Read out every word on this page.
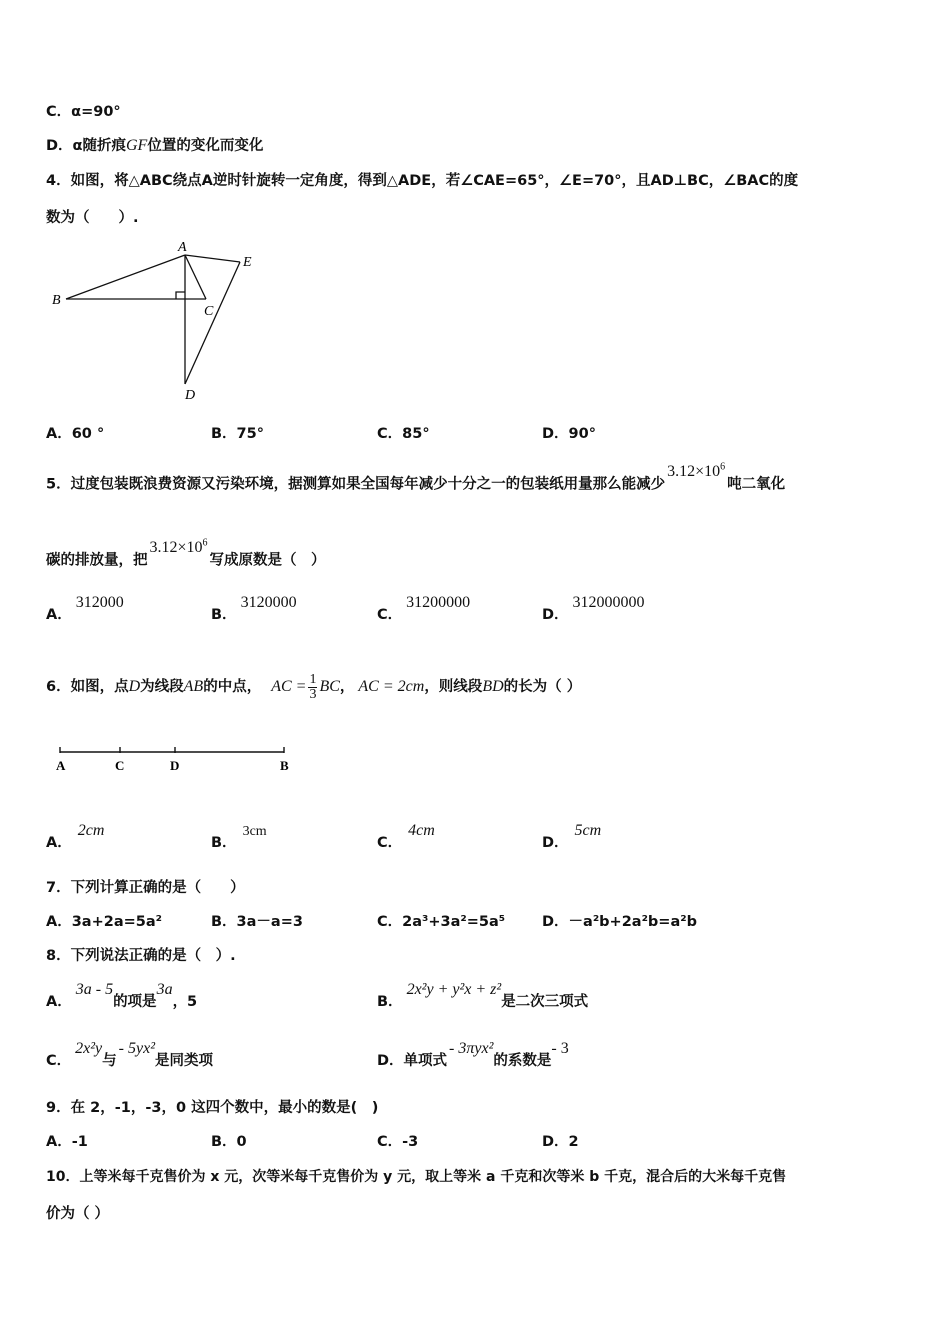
C．α=90°
D．α随折痕GF位置的变化而变化
4．如图，将△ABC绕点A逆时针旋转一定角度，得到△ADE，若∠CAE=65°，∠E=70°，且AD⊥BC，∠BAC的度
数为（　　）.
A
B
C
D
E
A．60 °	B．75°	C．85°	D．90°
5．过度包装既浪费资源又污染环境，据测算如果全国每年减少十分之一的包装纸用量那么能减少$3.12\times 10^6$吨二氧化
碳的排放量，把$3.12\times 10^6$写成原数是（　）
A．312000
B．3120000
C．31200000
D．312000000
6．如图，点D为线段AB的中点， AC = $\frac{1}{3}$ BC， AC = 2cm，则线段BD的长为（ ）
A	C	D	B
A．2cm
B．3cm
C．4cm
D．5cm
7．下列计算正确的是（　　）
A．3a+2a=5a²	B．3a－a=3	C．2a³+3a²=5a⁵	D．－a²b+2a²b=a²b
8．下列说法正确的是（　）.
A．3a - 5的项是3a，5	B．2x²y + y²x + z²是二次三项式
C．2x²y与- 5yx²是同类项	D．单项式- 3πyx²的系数是- 3
9．在 2，-1，-3，0 这四个数中，最小的数是(　)
A．-1	B．0	C．-3	D．2
10．上等米每千克售价为 x 元，次等米每千克售价为 y 元，取上等米 a 千克和次等米 b 千克，混合后的大米每千克售
价为（ ）
